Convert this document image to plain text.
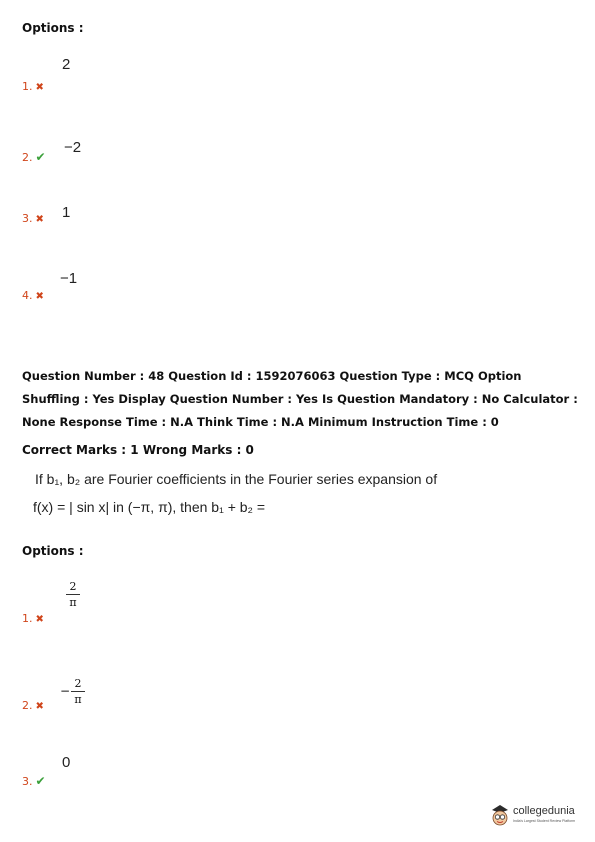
Options :
2
1. ✖
−2
2. ✔
1
3. ✖
−1
4. ✖
Question Number : 48 Question Id : 1592076063 Question Type : MCQ Option Shuffling : Yes Display Question Number : Yes Is Question Mandatory : No Calculator : None Response Time : N.A Think Time : N.A Minimum Instruction Time : 0
Correct Marks : 1 Wrong Marks : 0
If b₁, b₂ are Fourier coefficients in the Fourier series expansion of
f(x) = | sin x| in (−π, π), then b₁ + b₂ =
Options :
2
π
1. ✖
−
2
π
2. ✖
0
3. ✔
collegedunia
India's Largest Student Review Platform
